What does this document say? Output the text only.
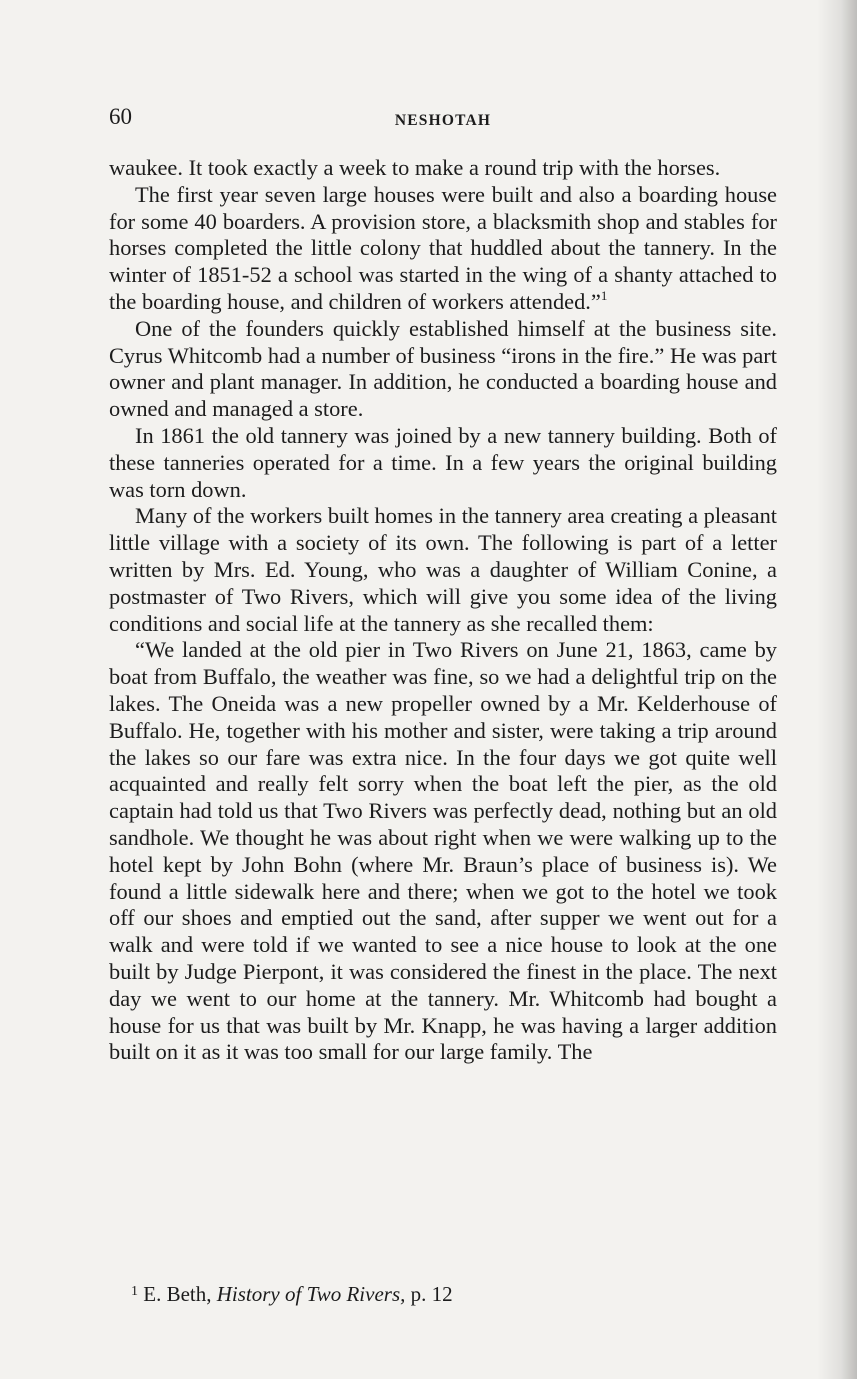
60	NESHOTAH

waukee. It took exactly a week to make a round trip with the horses.

The first year seven large houses were built and also a boarding house for some 40 boarders. A provision store, a blacksmith shop and stables for horses completed the little colony that huddled about the tannery. In the winter of 1851-52 a school was started in the wing of a shanty attached to the boarding house, and children of workers attended.”$^1$

One of the founders quickly established himself at the business site. Cyrus Whitcomb had a number of business “irons in the fire.” He was part owner and plant manager. In addition, he conducted a boarding house and owned and managed a store.

In 1861 the old tannery was joined by a new tannery building. Both of these tanneries operated for a time. In a few years the original building was torn down.

Many of the workers built homes in the tannery area creating a pleasant little village with a society of its own. The following is part of a letter written by Mrs. Ed. Young, who was a daughter of William Conine, a postmaster of Two Rivers, which will give you some idea of the living conditions and social life at the tannery as she recalled them:

“We landed at the old pier in Two Rivers on June 21, 1863, came by boat from Buffalo, the weather was fine, so we had a delightful trip on the lakes. The Oneida was a new propeller owned by a Mr. Kelderhouse of Buffalo. He, together with his mother and sister, were taking a trip around the lakes so our fare was extra nice. In the four days we got quite well acquainted and really felt sorry when the boat left the pier, as the old captain had told us that Two Rivers was perfectly dead, nothing but an old sandhole. We thought he was about right when we were walking up to the hotel kept by John Bohn (where Mr. Braun’s place of business is). We found a little sidewalk here and there; when we got to the hotel we took off our shoes and emptied out the sand, after supper we went out for a walk and were told if we wanted to see a nice house to look at the one built by Judge Pierpont, it was considered the finest in the place. The next day we went to our home at the tannery. Mr. Whitcomb had bought a house for us that was built by Mr. Knapp, he was having a larger addition built on it as it was too small for our large family. The

$^1$ E. Beth, History of Two Rivers, p. 12
